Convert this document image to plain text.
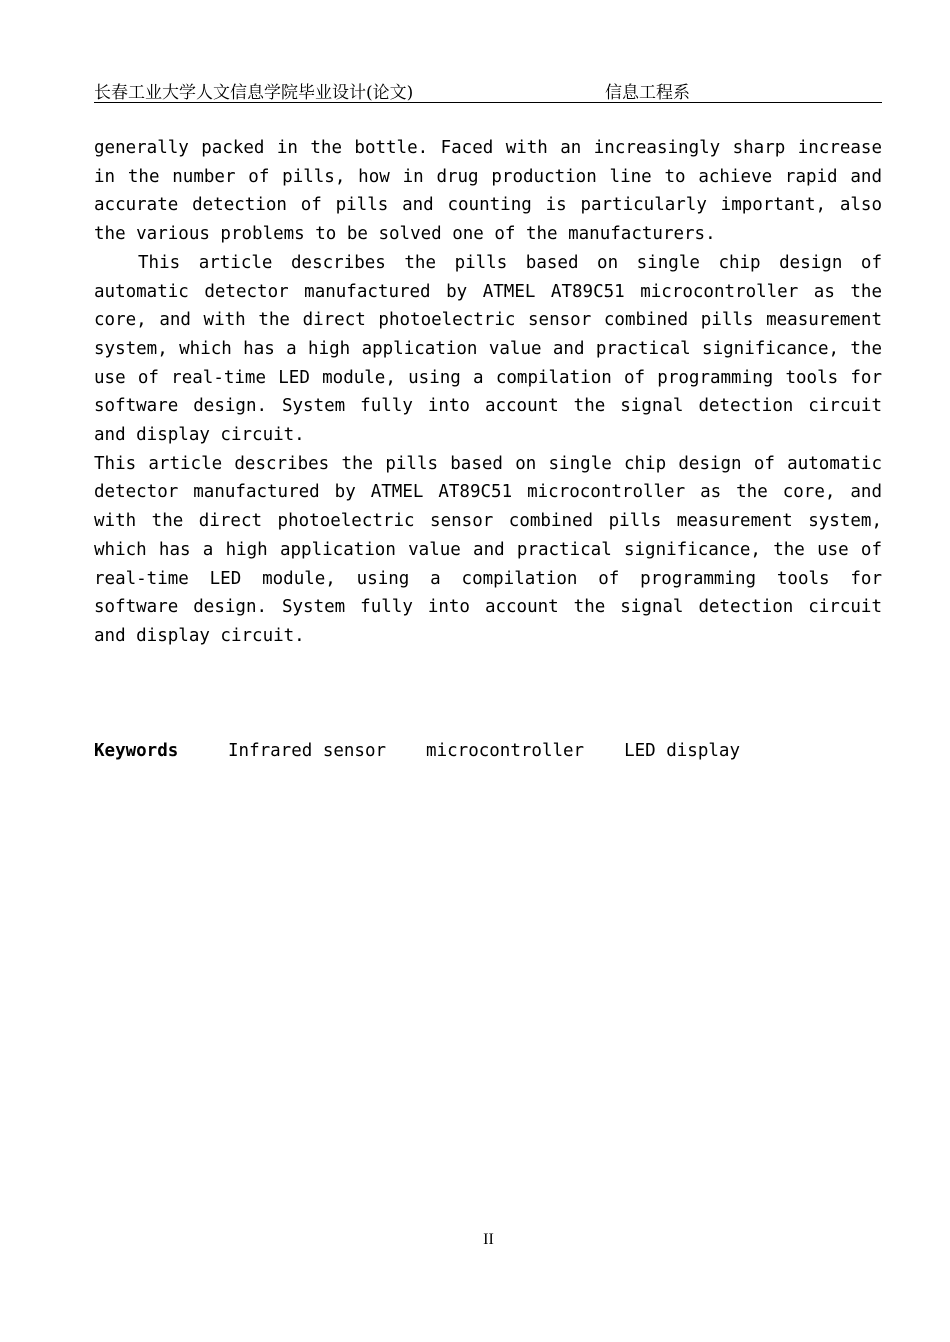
长春工业大学人文信息学院毕业设计(论文)	信息工程系

generally packed in the bottle. Faced with an increasingly sharp increase in the number of pills, how in drug production line to achieve rapid and accurate detection of pills and counting is particularly important, also the various problems to be solved one of the manufacturers.

This article describes the pills based on single chip design of automatic detector manufactured by ATMEL AT89C51 microcontroller as the core, and with the direct photoelectric sensor combined pills measurement system, which has a high application value and practical significance, the use of real-time LED module, using a compilation of programming tools for software design. System fully into account the signal detection circuit and display circuit.

This article describes the pills based on single chip design of automatic detector manufactured by ATMEL AT89C51 microcontroller as the core, and with the direct photoelectric sensor combined pills measurement system, which has a high application value and practical significance, the use of real-time LED module, using a compilation of programming tools for software design. System fully into account the signal detection circuit and display circuit.

Keywords	Infrared sensor microcontroller LED display
II
